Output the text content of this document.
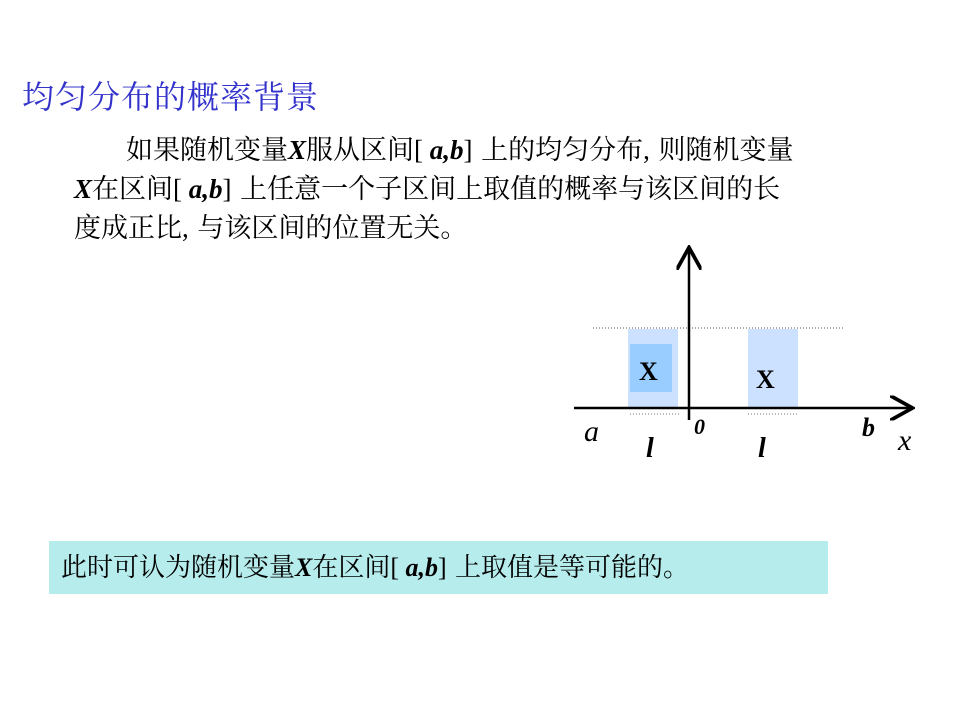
均匀分布的概率背景
如果随机变量X服从区间[ a,b] 上的均匀分布, 则随机变量
X在区间[ a,b] 上任意一个子区间上取值的概率与该区间的长
度成正比, 与该区间的位置无关。
X	X
a	0	b x
l	l
此时可认为随机变量X在区间[ a,b] 上取值是等可能的。
